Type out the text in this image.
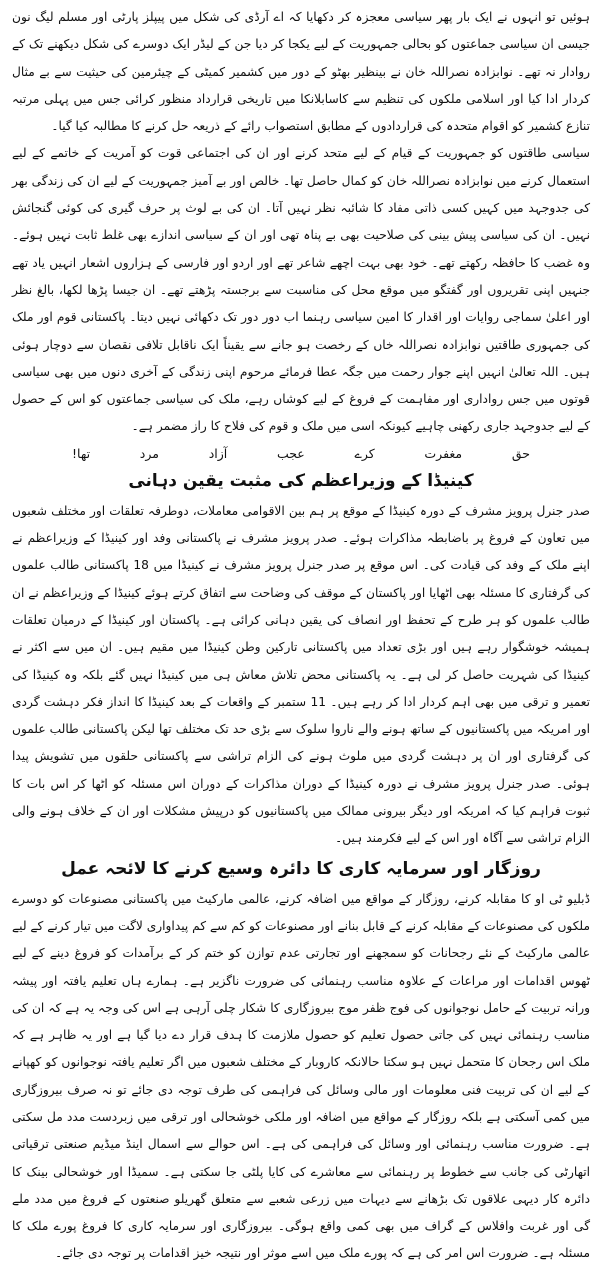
ہوئیں تو انہوں نے ایک بار پھر سیاسی معجزہ کر دکھایا کہ اے آرڈی کی شکل میں پیپلز پارٹی اور مسلم لیگ نون جیسی ان سیاسی جماعتوں کو بحالی جمہوریت کے لیے یکجا کر دیا جن کے لیڈر ایک دوسرے کی شکل دیکھنے تک کے روادار نہ تھے۔ نوابزادہ نصراللہ خان نے بینظیر بھٹو کے دور میں کشمیر کمیٹی کے چیئرمین کی حیثیت سے بے مثال کردار ادا کیا اور اسلامی ملکوں کی تنظیم سے کاسابلانکا میں تاریخی قرارداد منظور کرائی جس میں پہلی مرتبہ تنازع کشمیر کو اقوام متحدہ کی قراردادوں کے مطابق استصواب رائے کے ذریعہ حل کرنے کا مطالبہ کیا گیا۔

سیاسی طاقتوں کو جمہوریت کے قیام کے لیے متحد کرنے اور ان کی اجتماعی قوت کو آمریت کے خاتمے کے لیے استعمال کرنے میں نوابزادہ نصراللہ خان کو کمال حاصل تھا۔ خالص اور بے آمیز جمہوریت کے لیے ان کی زندگی بھر کی جدوجہد میں کہیں کسی ذاتی مفاد کا شائبہ نظر نہیں آتا۔ ان کی بے لوث پر حرف گیری کی کوئی گنجائش نہیں۔ ان کی سیاسی پیش بینی کی صلاحیت بھی بے پناہ تھی اور ان کے سیاسی اندازے بھی غلط ثابت نہیں ہوئے۔ وہ غضب کا حافظہ رکھتے تھے۔ خود بھی بہت اچھے شاعر تھے اور اردو اور فارسی کے ہزاروں اشعار انہیں یاد تھے جنہیں اپنی تقریروں اور گفتگو میں موقع محل کی مناسبت سے برجستہ پڑھتے تھے۔ ان جیسا پڑھا لکھا، بالغ نظر اور اعلیٰ سماجی روایات اور اقدار کا امین سیاسی رہنما اب دور دور تک دکھائی نہیں دیتا۔ پاکستانی قوم اور ملک کی جمہوری طاقتیں نوابزادہ نصراللہ خاں کے رخصت ہو جانے سے یقیناً ایک ناقابل تلافی نقصان سے دوچار ہوئی ہیں۔ اللہ تعالیٰ انہیں اپنے جوار رحمت میں جگہ عطا فرمائے مرحوم اپنی زندگی کے آخری دنوں میں بھی سیاسی قوتوں میں جس رواداری اور مفاہمت کے فروغ کے لیے کوشاں رہے، ملک کی سیاسی جماعتوں کو اس کے حصول کے لیے جدوجہد جاری رکھنی چاہیے کیونکہ اسی میں ملک و قوم کی فلاح کا راز مضمر ہے۔

حق
مغفرت
کرے
عجب
آزاد
مرد
تھا!
کینیڈا کے وزیراعظم کی مثبت یقین دہانی

صدر جنرل پرویز مشرف کے دورہ کینیڈا کے موقع پر ہم بین الاقوامی معاملات، دوطرفہ تعلقات اور مختلف شعبوں میں تعاون کے فروغ پر باضابطہ مذاکرات ہوئے۔ صدر پرویز مشرف نے پاکستانی وفد اور کینیڈا کے وزیراعظم نے اپنے ملک کے وفد کی قیادت کی۔ اس موقع پر صدر جنرل پرویز مشرف نے کینیڈا میں 18 پاکستانی طالب علموں کی گرفتاری کا مسئلہ بھی اٹھایا اور پاکستان کے موقف کی وضاحت سے اتفاق کرتے ہوئے کینیڈا کے وزیراعظم نے ان طالب علموں کو ہر طرح کے تحفظ اور انصاف کی یقین دہانی کرائی ہے۔ پاکستان اور کینیڈا کے درمیان تعلقات ہمیشہ خوشگوار رہے ہیں اور بڑی تعداد میں پاکستانی تارکین وطن کینیڈا میں مقیم ہیں۔ ان میں سے اکثر نے کینیڈا کی شہریت حاصل کر لی ہے۔ یہ پاکستانی محض تلاش معاش ہی میں کینیڈا نہیں گئے بلکہ وہ کینیڈا کی تعمیر و ترقی میں بھی اہم کردار ادا کر رہے ہیں۔ 11 ستمبر کے واقعات کے بعد کینیڈا کا انداز فکر دہشت گردی اور امریکہ میں پاکستانیوں کے ساتھ ہونے والے ناروا سلوک سے بڑی حد تک مختلف تھا لیکن پاکستانی طالب علموں کی گرفتاری اور ان پر دہشت گردی میں ملوث ہونے کی الزام تراشی سے پاکستانی حلقوں میں تشویش پیدا ہوئی۔ صدر جنرل پرویز مشرف نے دورہ کینیڈا کے دوران مذاکرات کے دوران اس مسئلہ کو اٹھا کر اس بات کا ثبوت فراہم کیا کہ امریکہ اور دیگر بیرونی ممالک میں پاکستانیوں کو درپیش مشکلات اور ان کے خلاف ہونے والی الزام تراشی سے آگاہ اور اس کے لیے فکرمند ہیں۔

روزگار اور سرمایہ کاری کا دائرہ وسیع کرنے کا لائحہ عمل

ڈبلیو ٹی او کا مقابلہ کرنے، روزگار کے مواقع میں اضافہ کرنے، عالمی مارکیٹ میں پاکستانی مصنوعات کو دوسرے ملکوں کی مصنوعات کے مقابلہ کرنے کے قابل بنانے اور مصنوعات کو کم سے کم پیداواری لاگت میں تیار کرنے کے لیے عالمی مارکیٹ کے نئے رجحانات کو سمجھنے اور تجارتی عدم توازن کو ختم کر کے برآمدات کو فروغ دینے کے لیے ٹھوس اقدامات اور مراعات کے علاوہ مناسب رہنمائی کی ضرورت ناگزیر ہے۔ ہمارے ہاں تعلیم یافتہ اور پیشہ ورانہ تربیت کے حامل نوجوانوں کی فوج ظفر موج بیروزگاری کا شکار چلی آرہی ہے اس کی وجہ یہ ہے کہ ان کی مناسب رہنمائی نہیں کی جاتی حصول تعلیم کو حصول ملازمت کا ہدف قرار دے دیا گیا ہے اور یہ ظاہر ہے کہ ملک اس رجحان کا متحمل نہیں ہو سکتا حالانکہ کاروبار کے مختلف شعبوں میں اگر تعلیم یافتہ نوجوانوں کو کھپانے کے لیے ان کی تربیت فنی معلومات اور مالی وسائل کی فراہمی کی طرف توجہ دی جائے تو نہ صرف بیروزگاری میں کمی آسکتی ہے بلکہ روزگار کے مواقع میں اضافہ اور ملکی خوشحالی اور ترقی میں زبردست مدد مل سکتی ہے۔ ضرورت مناسب رہنمائی اور وسائل کی فراہمی کی ہے۔ اس حوالے سے اسمال اینڈ میڈیم صنعتی ترقیاتی اتھارٹی کی جانب سے خطوط پر رہنمائی سے معاشرے کی کایا پلٹی جا سکتی ہے۔ سمیڈا اور خوشحالی بینک کا دائرہ کار دیہی علاقوں تک بڑھانے سے دیہات میں زرعی شعبے سے متعلق گھریلو صنعتوں کے فروغ میں مدد ملے گی اور غربت وافلاس کے گراف میں بھی کمی واقع ہوگی۔ بیروزگاری اور سرمایہ کاری کا فروغ پورے ملک کا مسئلہ ہے۔ ضرورت اس امر کی ہے کہ پورے ملک میں اسے موثر اور نتیجہ خیز اقدامات پر توجہ دی جائے۔
